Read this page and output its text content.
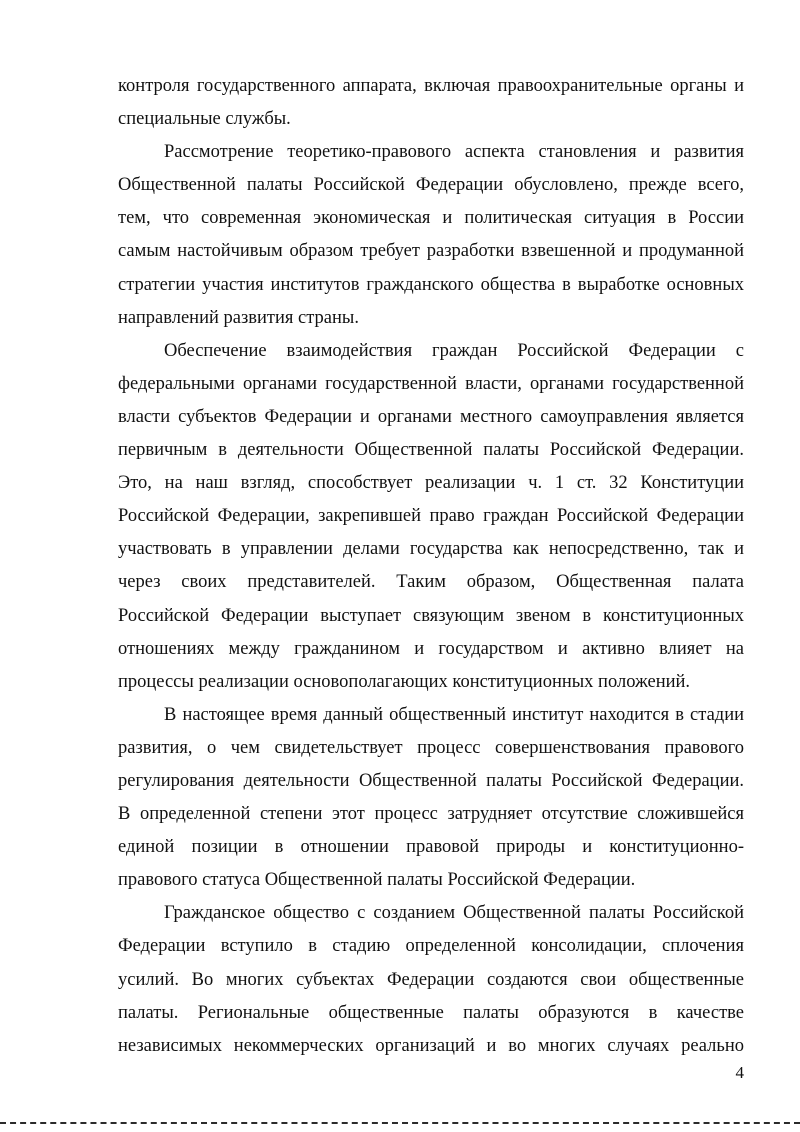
контроля государственного аппарата, включая правоохранительные органы и
специальные службы.
Рассмотрение теоретико-правового аспекта становления и развития
Общественной палаты Российской Федерации обусловлено, прежде всего,
тем, что современная экономическая и политическая ситуация в России
самым настойчивым образом требует разработки взвешенной и продуманной
стратегии участия институтов гражданского общества в выработке основных
направлений развития страны.
Обеспечение взаимодействия граждан Российской Федерации с
федеральными органами государственной власти, органами государственной
власти субъектов Федерации и органами местного самоуправления является
первичным в деятельности Общественной палаты Российской Федерации.
Это, на наш взгляд, способствует реализации ч. 1 ст. 32 Конституции
Российской Федерации, закрепившей право граждан Российской Федерации
участвовать в управлении делами государства как непосредственно, так и
через своих представителей. Таким образом, Общественная палата
Российской Федерации выступает связующим звеном в конституционных
отношениях между гражданином и государством и активно влияет на
процессы реализации основополагающих конституционных положений.
В настоящее время данный общественный институт находится в стадии
развития, о чем свидетельствует процесс совершенствования правового
регулирования деятельности Общественной палаты Российской Федерации.
В определенной степени этот процесс затрудняет отсутствие сложившейся
единой позиции в отношении правовой природы и конституционно-
правового статуса Общественной палаты Российской Федерации.
Гражданское общество с созданием Общественной палаты Российской
Федерации вступило в стадию определенной консолидации, сплочения
усилий. Во многих субъектах Федерации создаются свои общественные
палаты. Региональные общественные палаты образуются в качестве
независимых некоммерческих организаций и во многих случаях реально
4
